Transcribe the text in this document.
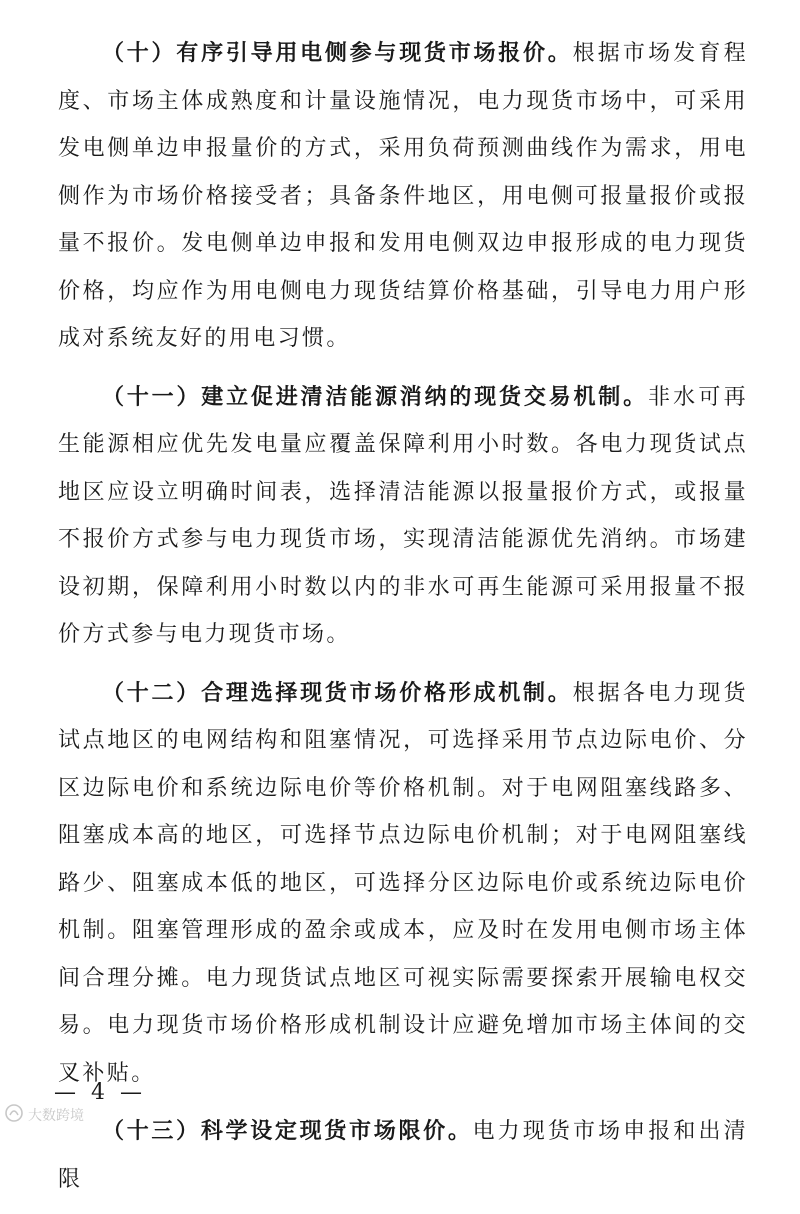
（十）有序引导用电侧参与现货市场报价。根据市场发育程度、市场主体成熟度和计量设施情况，电力现货市场中，可采用发电侧单边申报量价的方式，采用负荷预测曲线作为需求，用电侧作为市场价格接受者；具备条件地区，用电侧可报量报价或报量不报价。发电侧单边申报和发用电侧双边申报形成的电力现货价格，均应作为用电侧电力现货结算价格基础，引导电力用户形成对系统友好的用电习惯。

（十一）建立促进清洁能源消纳的现货交易机制。非水可再生能源相应优先发电量应覆盖保障利用小时数。各电力现货试点地区应设立明确时间表，选择清洁能源以报量报价方式，或报量不报价方式参与电力现货市场，实现清洁能源优先消纳。市场建设初期，保障利用小时数以内的非水可再生能源可采用报量不报价方式参与电力现货市场。

（十二）合理选择现货市场价格形成机制。根据各电力现货试点地区的电网结构和阻塞情况，可选择采用节点边际电价、分区边际电价和系统边际电价等价格机制。对于电网阻塞线路多、阻塞成本高的地区，可选择节点边际电价机制；对于电网阻塞线路少、阻塞成本低的地区，可选择分区边际电价或系统边际电价机制。阻塞管理形成的盈余或成本，应及时在发用电侧市场主体间合理分摊。电力现货试点地区可视实际需要探索开展输电权交易。电力现货市场价格形成机制设计应避免增加市场主体间的交叉补贴。

（十三）科学设定现货市场限价。电力现货市场申报和出清限

— 4 —
大数跨境
